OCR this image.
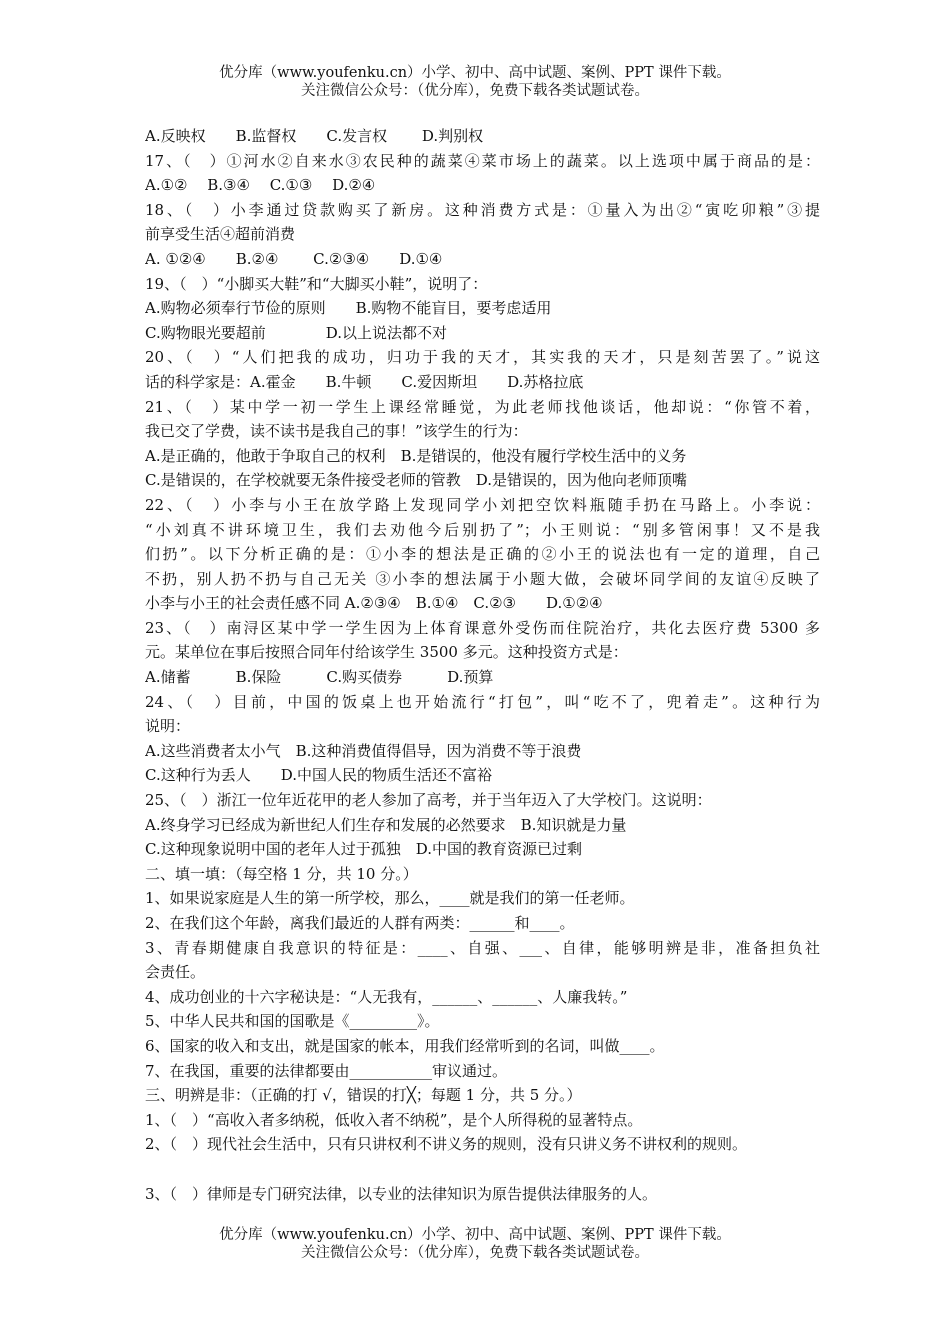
优分库（www.youfenku.cn）小学、初中、高中试题、案例、PPT 课件下载。
关注微信公众号：（优分库），免费下载各类试题试卷。
A.反映权　　B.监督权　　C.发言权　　 D.判别权
17、（　）①河水②自来水③农民种的蔬菜④菜市场上的蔬菜。以上选项中属于商品的是：
A.①②　 B.③④　 C.①③　 D.②④
18、（　）小李通过贷款购买了新房。这种消费方式是：①量入为出②“寅吃卯粮”③提
前享受生活④超前消费
A. ①②④　　B.②④　　 C.②③④　　D.①④
19、（　）“小脚买大鞋”和“大脚买小鞋”，说明了：
A.购物必须奉行节俭的原则　　B.购物不能盲目，要考虑适用
C.购物眼光要超前　　　　D.以上说法都不对
20、（　）“人们把我的成功，归功于我的天才，其实我的天才，只是刻苦罢了。”说这
话的科学家是：A.霍金　　B.牛顿　　C.爱因斯坦　　D.苏格拉底
21、（　）某中学一初一学生上课经常睡觉，为此老师找他谈话，他却说：“你管不着，
我已交了学费，读不读书是我自己的事！”该学生的行为：
A.是正确的，他敢于争取自己的权利　B.是错误的，他没有履行学校生活中的义务
C.是错误的，在学校就要无条件接受老师的管教　D.是错误的，因为他向老师顶嘴
22、（　）小李与小王在放学路上发现同学小刘把空饮料瓶随手扔在马路上。小李说：
“小刘真不讲环境卫生，我们去劝他今后别扔了”；小王则说：“别多管闲事！又不是我
们扔”。以下分析正确的是：①小李的想法是正确的②小王的说法也有一定的道理，自己
不扔，别人扔不扔与自己无关 ③小李的想法属于小题大做，会破坏同学间的友谊④反映了
小李与小王的社会责任感不同 A.②③④　B.①④　C.②③　　D.①②④
23、（　）南浔区某中学一学生因为上体育课意外受伤而住院治疗，共化去医疗费 5300 多
元。某单位在事后按照合同年付给该学生 3500 多元。这种投资方式是：
A.储蓄　　　B.保险　　　C.购买债券　　　D.预算
24、（　）目前，中国的饭桌上也开始流行“打包”，叫“吃不了，兜着走”。这种行为
说明：
A.这些消费者太小气　B.这种消费值得倡导，因为消费不等于浪费
C.这种行为丢人　　D.中国人民的物质生活还不富裕
25、（　）浙江一位年近花甲的老人参加了高考，并于当年迈入了大学校门。这说明：
A.终身学习已经成为新世纪人们生存和发展的必然要求　B.知识就是力量
C.这种现象说明中国的老年人过于孤独　D.中国的教育资源已过剩
二、填一填：（每空格 1 分，共 10 分。）
1、如果说家庭是人生的第一所学校，那么，____就是我们的第一任老师。
2、在我们这个年龄，离我们最近的人群有两类：______和____。
3、青春期健康自我意识的特征是：____、自强、___、自律，能够明辨是非，准备担负社
会责任。
4、成功创业的十六字秘诀是：“人无我有，______、______、人廉我转。”
5、中华人民共和国的国歌是《_________》。
6、国家的收入和支出，就是国家的帐本，用我们经常听到的名词，叫做____。
7、在我国，重要的法律都要由___________审议通过。
三、明辨是非：（正确的打 √，错误的打╳；每题 1 分，共 5 分。）
1、（　）“高收入者多纳税，低收入者不纳税”，是个人所得税的显著特点。
2、（　）现代社会生活中，只有只讲权利不讲义务的规则，没有只讲义务不讲权利的规则。
3、（　）律师是专门研究法律，以专业的法律知识为原告提供法律服务的人。
优分库（www.youfenku.cn）小学、初中、高中试题、案例、PPT 课件下载。
关注微信公众号：（优分库），免费下载各类试题试卷。
